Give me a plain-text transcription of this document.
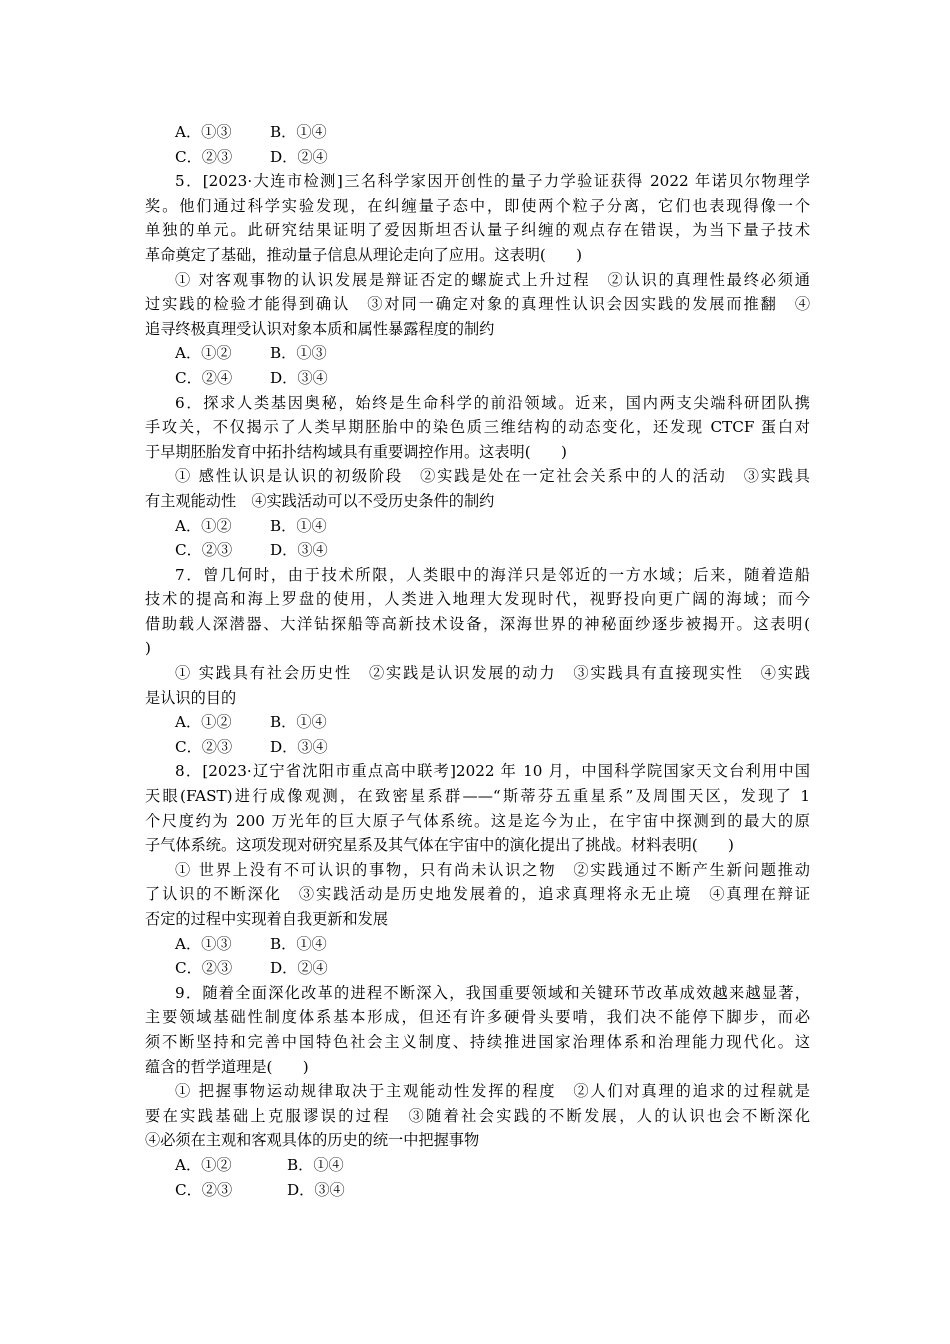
A．①③	B．①④
C．②③ D．②④
5．[2023·大连市检测]三名科学家因开创性的量子力学验证获得 2022 年诺贝尔物理学
奖。他们通过科学实验发现，在纠缠量子态中，即使两个粒子分离，它们也表现得像一个
单独的单元。此研究结果证明了爱因斯坦否认量子纠缠的观点存在错误，为当下量子技术
革命奠定了基础，推动量子信息从理论走向了应用。这表明(　　)
① 对客观事物的认识发展是辩证否定的螺旋式上升过程　②认识的真理性最终必须通
过实践的检验才能得到确认　③对同一确定对象的真理性认识会因实践的发展而推翻　④
追寻终极真理受认识对象本质和属性暴露程度的制约
A．①②	B．①③
C．②④ D．③④
6．探求人类基因奥秘，始终是生命科学的前沿领域。近来，国内两支尖端科研团队携
手攻关，不仅揭示了人类早期胚胎中的染色质三维结构的动态变化，还发现 CTCF 蛋白对
于早期胚胎发育中拓扑结构域具有重要调控作用。这表明(　　)
① 感性认识是认识的初级阶段　②实践是处在一定社会关系中的人的活动　③实践具
有主观能动性　④实践活动可以不受历史条件的制约
A．①②	B．①④
C．②③ D．③④
7．曾几何时，由于技术所限，人类眼中的海洋只是邻近的一方水域；后来，随着造船
技术的提高和海上罗盘的使用，人类进入地理大发现时代，视野投向更广阔的海域；而今
借助载人深潜器、大洋钻探船等高新技术设备，深海世界的神秘面纱逐步被揭开。这表明(
)
① 实践具有社会历史性　②实践是认识发展的动力　③实践具有直接现实性　④实践
是认识的目的
A．①②	B．①④
C．②③ D．③④
8．[2023·辽宁省沈阳市重点高中联考]2022 年 10 月，中国科学院国家天文台利用中国
天眼(FAST)进行成像观测，在致密星系群——“斯蒂芬五重星系”及周围天区，发现了 1
个尺度约为 200 万光年的巨大原子气体系统。这是迄今为止，在宇宙中探测到的最大的原
子气体系统。这项发现对研究星系及其气体在宇宙中的演化提出了挑战。材料表明(　　)
① 世界上没有不可认识的事物，只有尚未认识之物　②实践通过不断产生新问题推动
了认识的不断深化　③实践活动是历史地发展着的，追求真理将永无止境　④真理在辩证
否定的过程中实现着自我更新和发展
A．①③	B．①④
C．②③ D．②④
9．随着全面深化改革的进程不断深入，我国重要领域和关键环节改革成效越来越显著，
主要领域基础性制度体系基本形成，但还有许多硬骨头要啃，我们决不能停下脚步，而必
须不断坚持和完善中国特色社会主义制度、持续推进国家治理体系和治理能力现代化。这
蕴含的哲学道理是(　　)
① 把握事物运动规律取决于主观能动性发挥的程度　②人们对真理的追求的过程就是
要在实践基础上克服谬误的过程　③随着社会实践的不断发展，人的认识也会不断深化
④必须在主观和客观具体的历史的统一中把握事物
A．①②	B．①④
C．②③	D．③④
